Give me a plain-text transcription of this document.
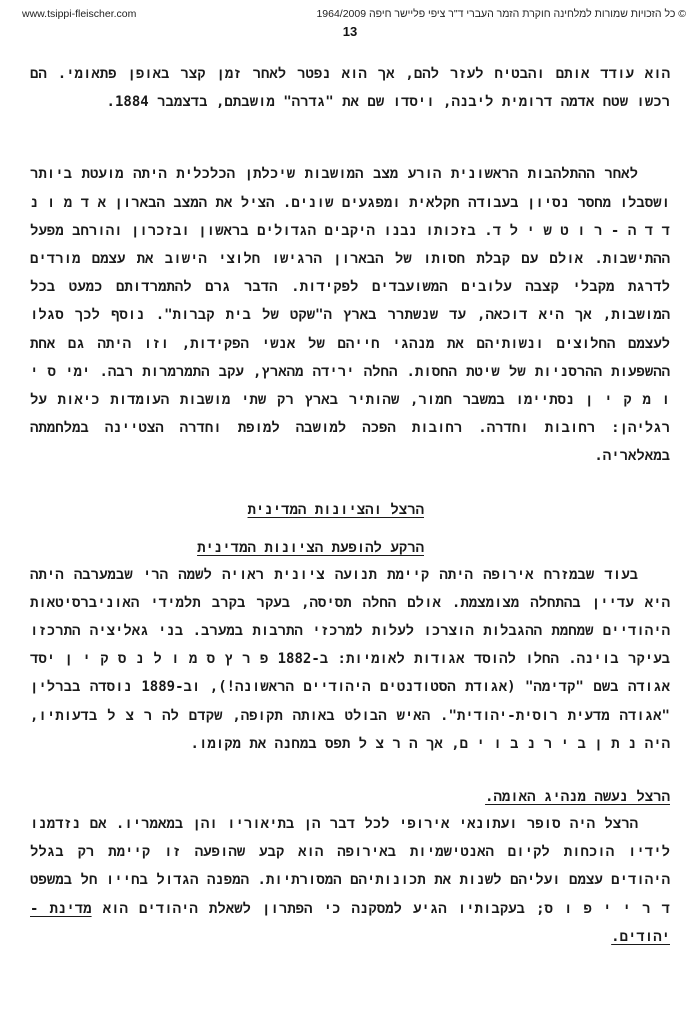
www.tsippi-fleischer.com	© כל הזכויות שמורות למלחינה חוקרת הזמר העברי ד"ר ציפי פליישר חיפה 1964/2009
13

הוא עודד אותם והבטיח לעזר להם, אך הוא נפטר לאחר זמן קצר באופן פתאומי. הם רכשו שטח אדמה דרומית ליבנה, ויסדו שם את "גדרה" מושבתם, בדצמבר 1884.

לאחר ההתלהבות הראשונית הורע מצב המושבות שיכלתן הכלכלית היתה מועטת ביותר ושסבלו מחסר נסיון בעבודה חקלאית ומפגעים שונים. הציל את המצב הבארון א ד מ ו נ ד ד ה - ר ו ט ש י ל ד. בזכותו נבנו היקבים הגדולים בראשון ובזכרון והורחב מפעל ההתישבות. אולם עם קבלת חסותו של הבארון הרגישו חלוצי הישוב את עצמם מורדים לדרגת מקבלי קצבה עלובים המשועבדים לפקידות. הדבר גרם להתמרדותם כמעט בכל המושבות, אך היא דוכאה, עד שנשתרר בארץ ה"שקט של בית קברות". נוסף לכך סגלו לעצמם החלוצים ונשותיהם את מנהגי חייהם של אנשי הפקידות, וזו היתה גם אחת ההשפעות ההרסניות של שיטת החסות. החלה ירידה מהארץ, עקב התמרמרות רבה. ימי ס י ו מ ק י ן נסתיימו במשבר חמור, שהותיר בארץ רק שתי מושבות העומדות כיאות על רגליהן: רחובות וחדרה. רחובות הפכה למושבה למופת וחדרה הצטיינה במלחמתה במאלאריה.

הרצל והציונות המדינית

הרקע להופעת הציונות המדינית

בעוד שבמזרח אירופה היתה קיימת תנועה ציונית ראויה לשמה הרי שבמערבה היתה היא עדיין בהתחלה מצומצמת. אולם החלה תסיסה, בעקר בקרב תלמידי האוניברסיטאות היהודיים שמחמת ההגבלות הוצרכו לעלות למרכזי התרבות במערב. בני גאליציה התרכזו בעיקר בוינה. החלו להוסד אגודות לאומיות: ב-1882 פ ר ץ ס מ ו ל נ ס ק י ן יסד אגודה בשם "קדימה" (אגודת הסטודנטים היהודיים הראשונה!), וב-1889 נוסדה בברלין "אגודה מדעית רוסית-יהודית". האיש הבולט באותה תקופה, שקדם לה ר צ ל בדעותיו, היה נ ת ן ב י ר נ ב ו י ם, אך ה ר צ ל תפס במחנה את מקומו.

הרצל נעשה מנהיג האומה.

הרצל היה סופר ועתונאי אירופי לכל דבר הן בתיאוריו והן במאמריו. אם נזדמנו לידיו הוכחות לקיום האנטישמיות באירופה הוא קבע שהופעה זו קיימת רק בגלל היהודים עצמם ועליהם לשנות את תכונותיהם המסורתיות. המפנה הגדול בחייו חל במשפט ד ר י י פ ו ס; בעקבותיו הגיע למסקנה כי הפתרון לשאלת היהודים הוא מדינת - יהודים.
